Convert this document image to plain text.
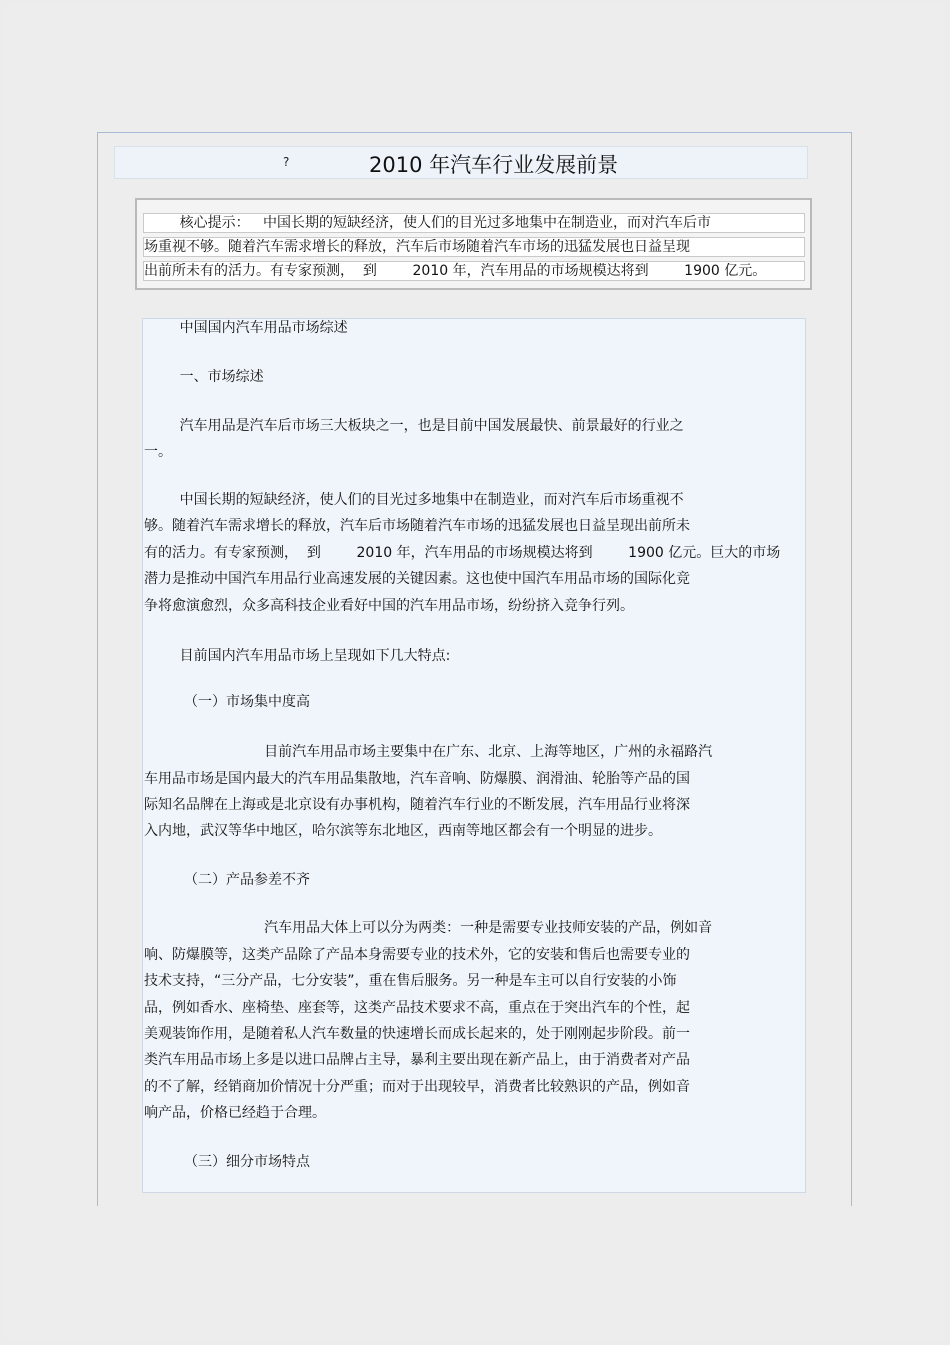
?	2010 年汽车行业发展前景
核心提示：   中国长期的短缺经济，使人们的目光过多地集中在制造业，而对汽车后市
场重视不够。随着汽车需求增长的释放，汽车后市场随着汽车市场的迅猛发展也日益呈现
出前所未有的活力。有专家预测，  到        2010 年，汽车用品的市场规模达将到        1900 亿元。
中国国内汽车用品市场综述
一、市场综述
汽车用品是汽车后市场三大板块之一，也是目前中国发展最快、前景最好的行业之
一。
中国长期的短缺经济，使人们的目光过多地集中在制造业，而对汽车后市场重视不
够。随着汽车需求增长的释放，汽车后市场随着汽车市场的迅猛发展也日益呈现出前所未
有的活力。有专家预测，  到        2010 年，汽车用品的市场规模达将到        1900 亿元。巨大的市场
潜力是推动中国汽车用品行业高速发展的关键因素。这也使中国汽车用品市场的国际化竞
争将愈演愈烈，众多高科技企业看好中国的汽车用品市场，纷纷挤入竞争行列。
目前国内汽车用品市场上呈现如下几大特点:
（一）市场集中度高
目前汽车用品市场主要集中在广东、北京、上海等地区，广州的永福路汽
车用品市场是国内最大的汽车用品集散地，汽车音响、防爆膜、润滑油、轮胎等产品的国
际知名品牌在上海或是北京设有办事机构，随着汽车行业的不断发展，汽车用品行业将深
入内地，武汉等华中地区，哈尔滨等东北地区，西南等地区都会有一个明显的进步。
（二）产品参差不齐
汽车用品大体上可以分为两类：一种是需要专业技师安装的产品，例如音
响、防爆膜等，这类产品除了产品本身需要专业的技术外，它的安装和售后也需要专业的
技术支持，“三分产品，七分安装”，重在售后服务。另一种是车主可以自行安装的小饰
品，例如香水、座椅垫、座套等，这类产品技术要求不高，重点在于突出汽车的个性，起
美观装饰作用，是随着私人汽车数量的快速增长而成长起来的，处于刚刚起步阶段。前一
类汽车用品市场上多是以进口品牌占主导，暴利主要出现在新产品上，由于消费者对产品
的不了解，经销商加价情况十分严重；而对于出现较早，消费者比较熟识的产品，例如音
响产品，价格已经趋于合理。
（三）细分市场特点
